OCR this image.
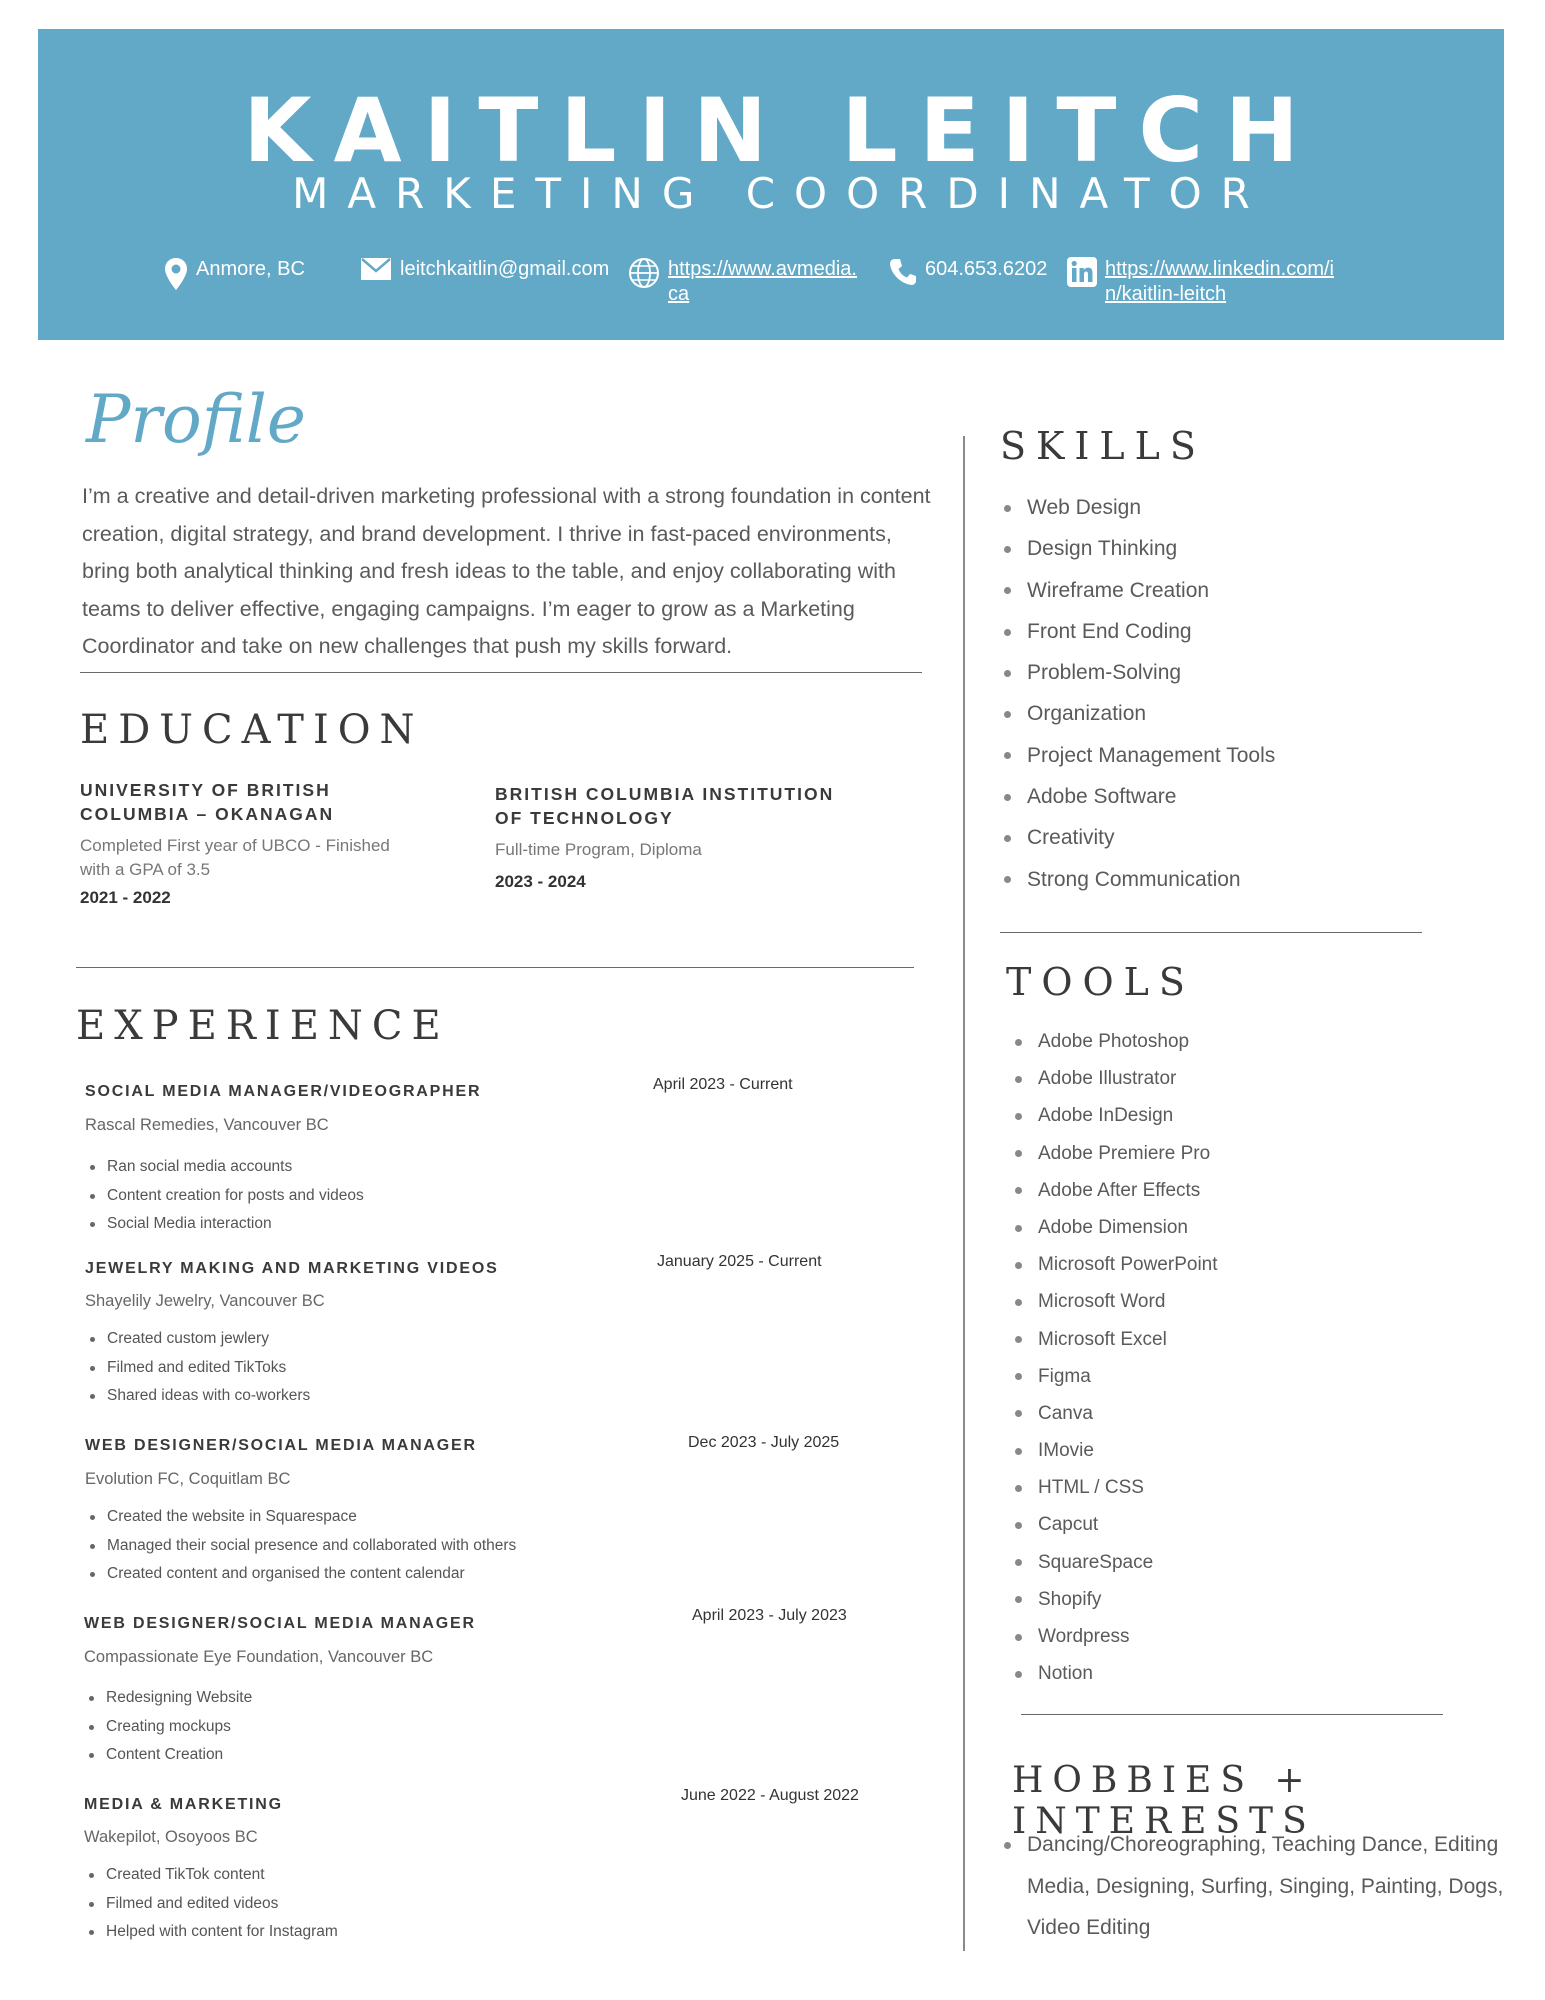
KAITLIN LEITCH
MARKETING COORDINATOR
Anmore, BC	leitchkaitlin@gmail.com	https://www.avmedia.
ca
604.653.6202	https://www.linkedin.com/i
n/kaitlin-leitch
Profile
I’m a creative and detail-driven marketing professional with a strong foundation in content creation, digital strategy, and brand development. I thrive in fast-paced environments, bring both analytical thinking and fresh ideas to the table, and enjoy collaborating with teams to deliver effective, engaging campaigns. I’m eager to grow as a Marketing Coordinator and take on new challenges that push my skills forward.
EDUCATION
UNIVERSITY OF BRITISH
COLUMBIA – OKANAGAN
Completed First year of UBCO - Finished
with a GPA of 3.5
2021 - 2022
BRITISH COLUMBIA INSTITUTION
OF TECHNOLOGY
Full-time Program, Diploma
2023 - 2024
EXPERIENCE
SOCIAL MEDIA MANAGER/VIDEOGRAPHER	April 2023 - Current
Rascal Remedies, Vancouver BC
Ran social media accounts
Content creation for posts and videos
Social Media interaction
JEWELRY MAKING AND MARKETING VIDEOS	January 2025 - Current
Shayelily Jewelry, Vancouver BC
Created custom jewlery
Filmed and edited TikToks
Shared ideas with co-workers
WEB DESIGNER/SOCIAL MEDIA MANAGER	Dec 2023 - July 2025
Evolution FC, Coquitlam BC
Created the website in Squarespace
Managed their social presence and collaborated with others
Created content and organised the content calendar
WEB DESIGNER/SOCIAL MEDIA MANAGER	April 2023 - July 2023
Compassionate Eye Foundation, Vancouver BC
Redesigning Website
Creating mockups
Content Creation
MEDIA & MARKETING
June 2022 - August 2022
Wakepilot, Osoyoos BC
Created TikTok content
Filmed and edited videos
Helped with content for Instagram
SKILLS
Web Design
Design Thinking
Wireframe Creation
Front End Coding
Problem-Solving
Organization
Project Management Tools
Adobe Software
Creativity
Strong Communication
TOOLS
Adobe Photoshop
Adobe Illustrator
Adobe InDesign
Adobe Premiere Pro
Adobe After Effects
Adobe Dimension
Microsoft PowerPoint
Microsoft Word
Microsoft Excel
Figma
Canva
IMovie
HTML / CSS
Capcut
SquareSpace
Shopify
Wordpress
Notion
HOBBIES + INTERESTS
Dancing/Choreographing, Teaching Dance, Editing
Media, Designing, Surfing, Singing, Painting, Dogs,
Video Editing
